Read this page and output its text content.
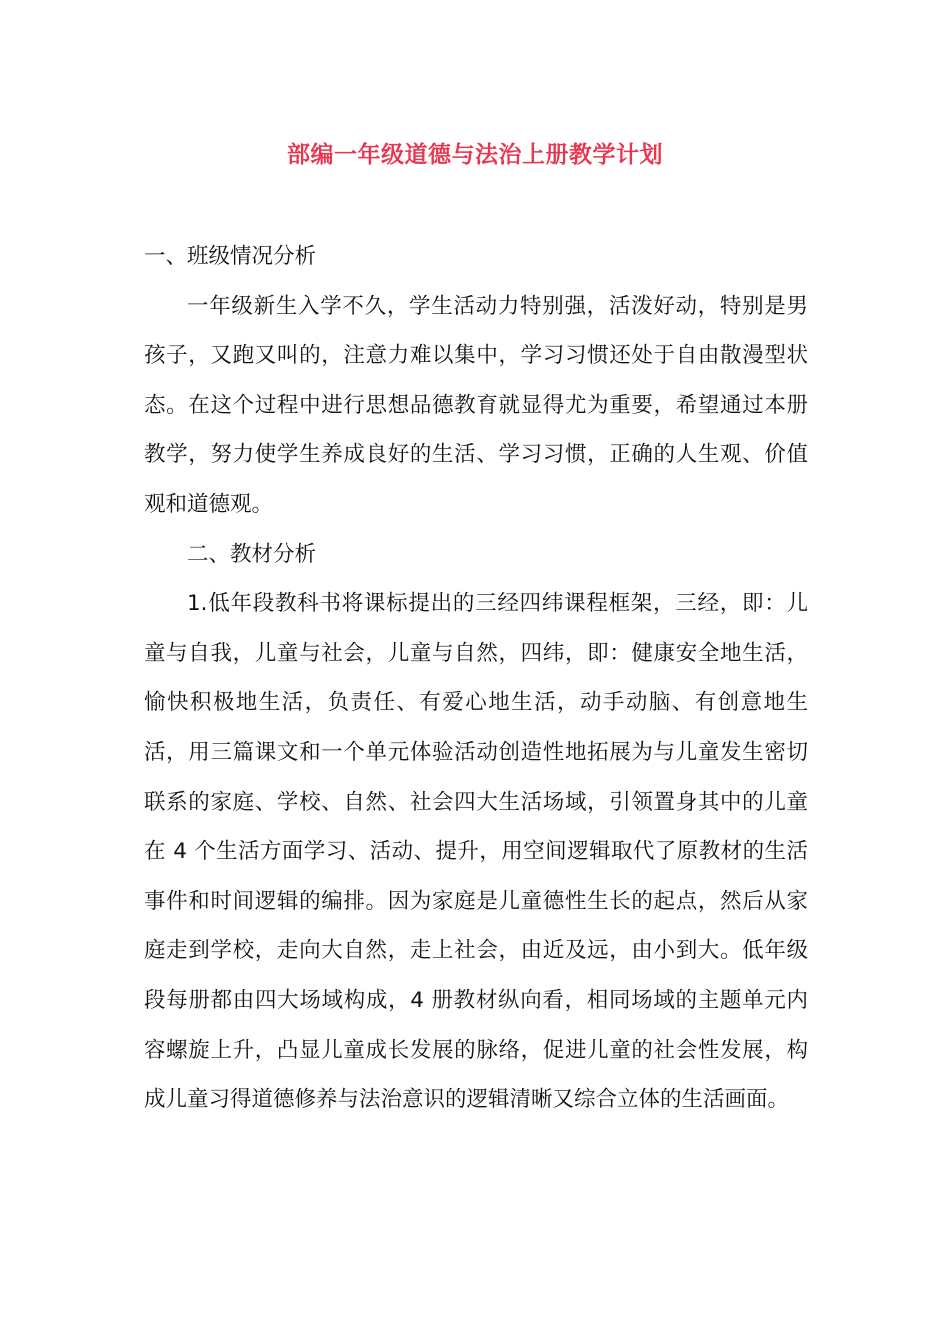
部编一年级道德与法治上册教学计划

一、班级情况分析

一年级新生入学不久，学生活动力特别强，活泼好动，特别是男孩子，又跑又叫的，注意力难以集中，学习习惯还处于自由散漫型状态。在这个过程中进行思想品德教育就显得尤为重要，希望通过本册教学，努力使学生养成良好的生活、学习习惯，正确的人生观、价值观和道德观。

二、教材分析

1.低年段教科书将课标提出的三经四纬课程框架，三经，即：儿童与自我，儿童与社会，儿童与自然，四纬，即：健康安全地生活，愉快积极地生活，负责任、有爱心地生活，动手动脑、有创意地生活，用三篇课文和一个单元体验活动创造性地拓展为与儿童发生密切联系的家庭、学校、自然、社会四大生活场域，引领置身其中的儿童在 4 个生活方面学习、活动、提升，用空间逻辑取代了原教材的生活事件和时间逻辑的编排。因为家庭是儿童德性生长的起点，然后从家庭走到学校，走向大自然，走上社会，由近及远，由小到大。低年级段每册都由四大场域构成，4 册教材纵向看，相同场域的主题单元内容螺旋上升，凸显儿童成长发展的脉络，促进儿童的社会性发展，构成儿童习得道德修养与法治意识的逻辑清晰又综合立体的生活画面。
